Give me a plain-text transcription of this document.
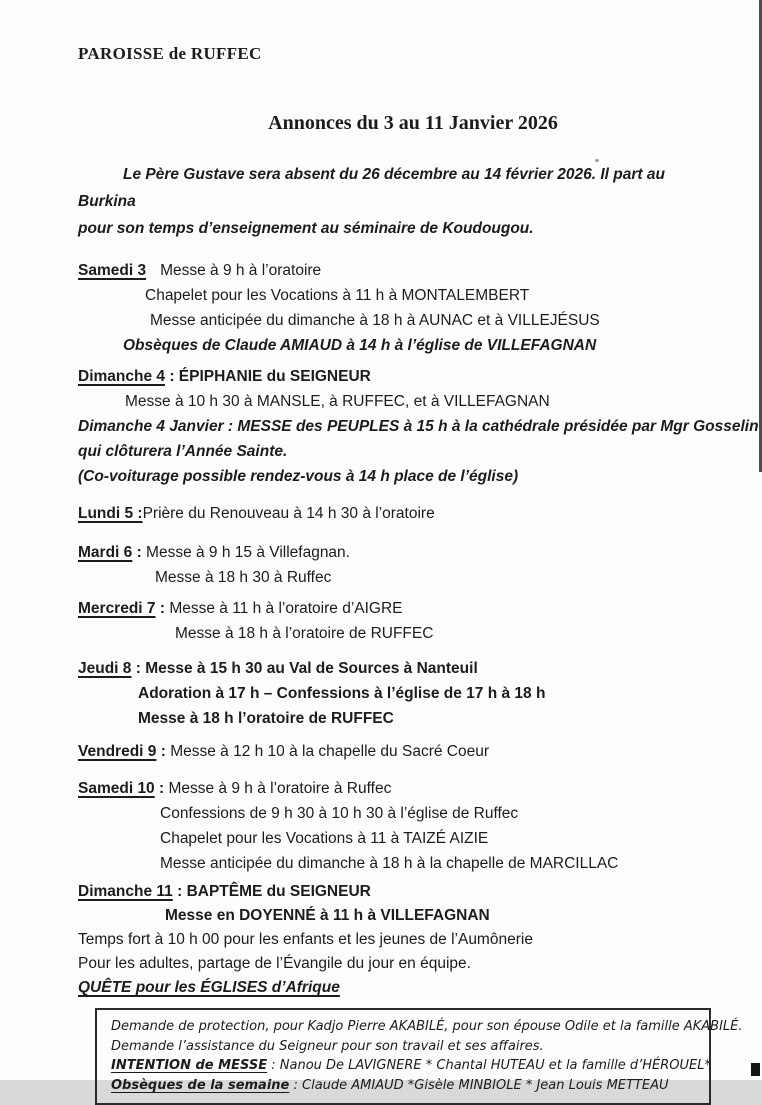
PAROISSE de RUFFEC
Annonces du 3 au 11 Janvier 2026
Le Père Gustave sera absent du 26 décembre au 14 février 2026. Il part au Burkina
pour son temps d’enseignement au séminaire de Koudougou.

Samedi 3 Messe à 9 h à l’oratoire

Chapelet pour les Vocations à 11 h à MONTALEMBERT

Messe anticipée du dimanche à 18 h à AUNAC et à VILLEJÉSUS

Obsèques de Claude AMIAUD à 14 h à l’église de VILLEFAGNAN

Dimanche 4 : ÉPIPHANIE du SEIGNEUR

Messe à 10 h 30 à MANSLE, à RUFFEC, et à VILLEFAGNAN

Dimanche 4 Janvier : MESSE des PEUPLES à 15 h à la cathédrale présidée par Mgr Gosselin

qui clôturera l’Année Sainte.

(Co-voiturage possible rendez-vous à 14 h place de l’église)

Lundi 5 :Prière du Renouveau à 14 h 30 à l’oratoire

Mardi 6 : Messe à 9 h 15 à Villefagnan.

Messe à 18 h 30 à Ruffec

Mercredi 7 : Messe à 11 h à l’oratoire d’AIGRE

Messe à 18 h à l’oratoire de RUFFEC

Jeudi 8 : Messe à 15 h 30 au Val de Sources à Nanteuil

Adoration à 17 h – Confessions à l’église de 17 h à 18 h

Messe à 18 h l’oratoire de RUFFEC

Vendredi 9 : Messe à 12 h 10 à la chapelle du Sacré Coeur

Samedi 10 : Messe à 9 h à l’oratoire à Ruffec

Confessions de 9 h 30 à 10 h 30 à l’église de Ruffec

Chapelet pour les Vocations à 11 à TAIZÉ AIZIE

Messe anticipée du dimanche à 18 h à la chapelle de MARCILLAC

Dimanche 11 : BAPTÊME du SEIGNEUR

Messe en DOYENNÉ à 11 h à VILLEFAGNAN

Temps fort à 10 h 00 pour les enfants et les jeunes de l’Aumônerie

Pour les adultes, partage de l’Évangile du jour en équipe.

QUÊTE pour les ÉGLISES d’Afrique

Demande de protection, pour Kadjo Pierre AKABILÉ, pour son épouse Odile et la famille AKABILÉ.

Demande l’assistance du Seigneur pour son travail et ses affaires.

INTENTION de MESSE : Nanou De LAVIGNERE * Chantal HUTEAU et la famille d’HÉROUEL*

Obsèques de la semaine : Claude AMIAUD *Gisèle MINBIOLE * Jean Louis METTEAU
